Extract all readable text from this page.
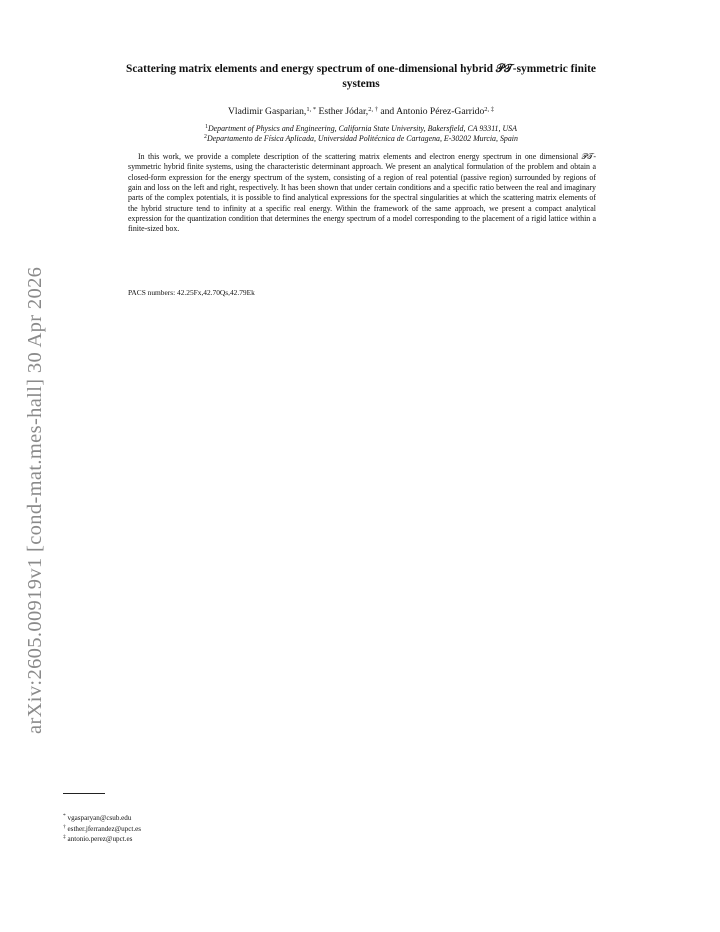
arXiv:2605.00919v1 [cond-mat.mes-hall] 30 Apr 2026
Scattering matrix elements and energy spectrum of one-dimensional hybrid 𝒫𝒯-symmetric finite
systems
Vladimir Gasparian,$^{1, *}$ Esther Jódar,$^{2, \dagger}$ and Antonio Pérez-Garrido$^{2, \ddagger}$
$^1$Department of Physics and Engineering, California State University, Bakersfield, CA 93311, USA
$^2$Departamento de Física Aplicada, Universidad Politécnica de Cartagena, E-30202 Murcia, Spain
In this work, we provide a complete description of the scattering matrix elements and electron energy spectrum in one dimensional 𝒫𝒯-symmetric hybrid finite systems, using the characteristic determinant approach. We present an analytical formulation of the problem and obtain a closed-form expression for the energy spectrum of the system, consisting of a region of real potential (passive region) surrounded by regions of gain and loss on the left and right, respectively. It has been shown that under certain conditions and a specific ratio between the real and imaginary parts of the complex potentials, it is possible to find analytical expressions for the spectral singularities at which the scattering matrix elements of the hybrid structure tend to infinity at a specific real energy. Within the framework of the same approach, we present a compact analytical expression for the quantization condition that determines the energy spectrum of a model corresponding to the placement of a rigid lattice within a finite-sized box.
PACS numbers: 42.25Fx,42.70Qs,42.79Ek
* vgasparyan@csub.edu
† esther.jferrandez@upct.es
‡ antonio.perez@upct.es
